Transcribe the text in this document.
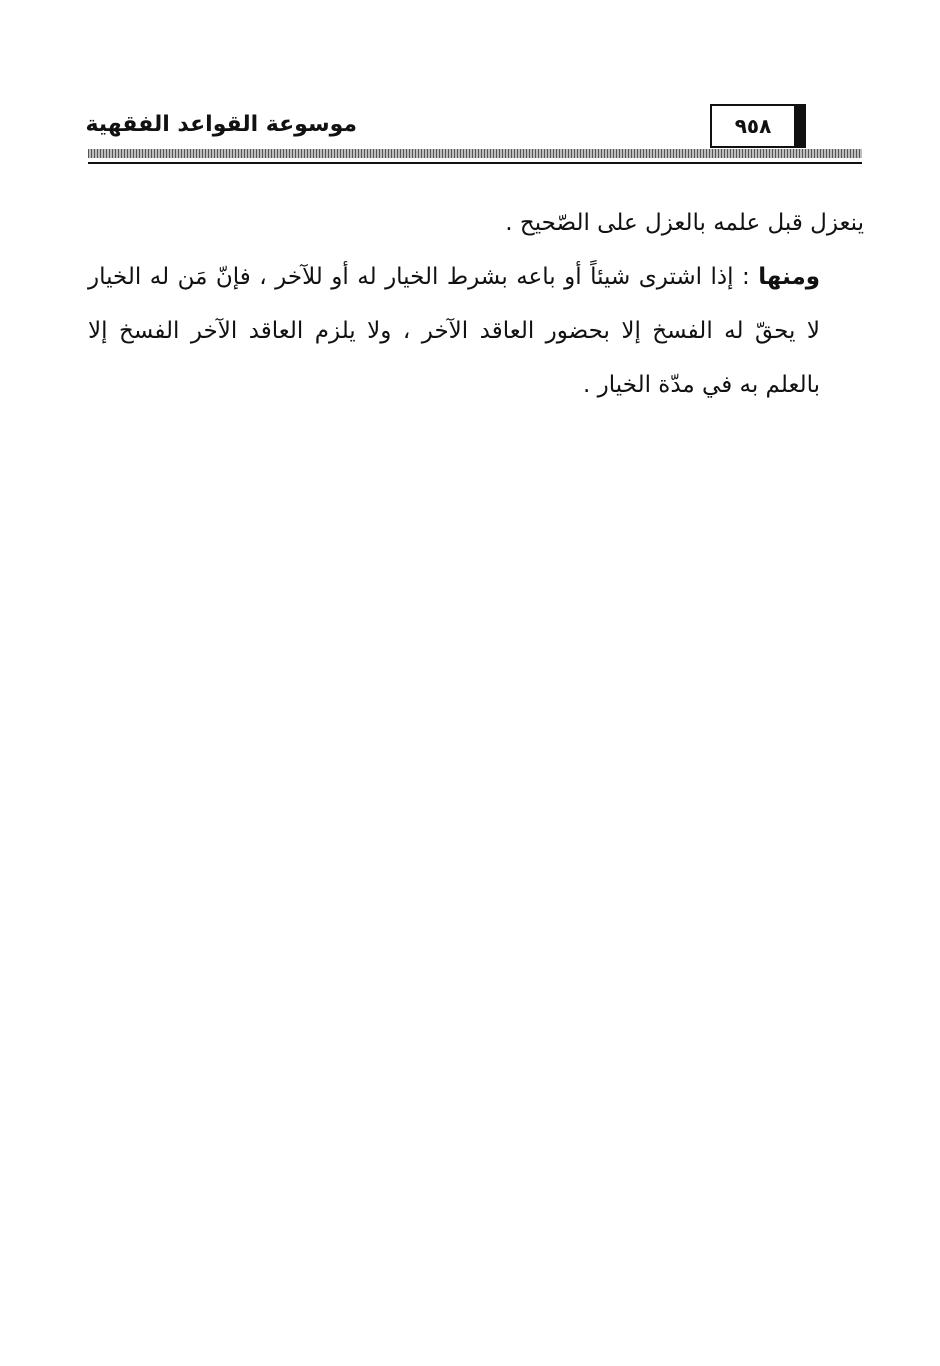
موسوعة القواعد الفقهية	٩٥٨

ينعزل قبل علمه بالعزل على الصّحيح .

ومنها : إذا اشترى شيئاً أو باعه بشرط الخيار له أو للآخر ، فإنّ مَن له الخيار لا يحقّ له الفسخ إلا بحضور العاقد الآخر ، ولا يلزم العاقد الآخر الفسخ إلا بالعلم به في مدّة الخيار .
